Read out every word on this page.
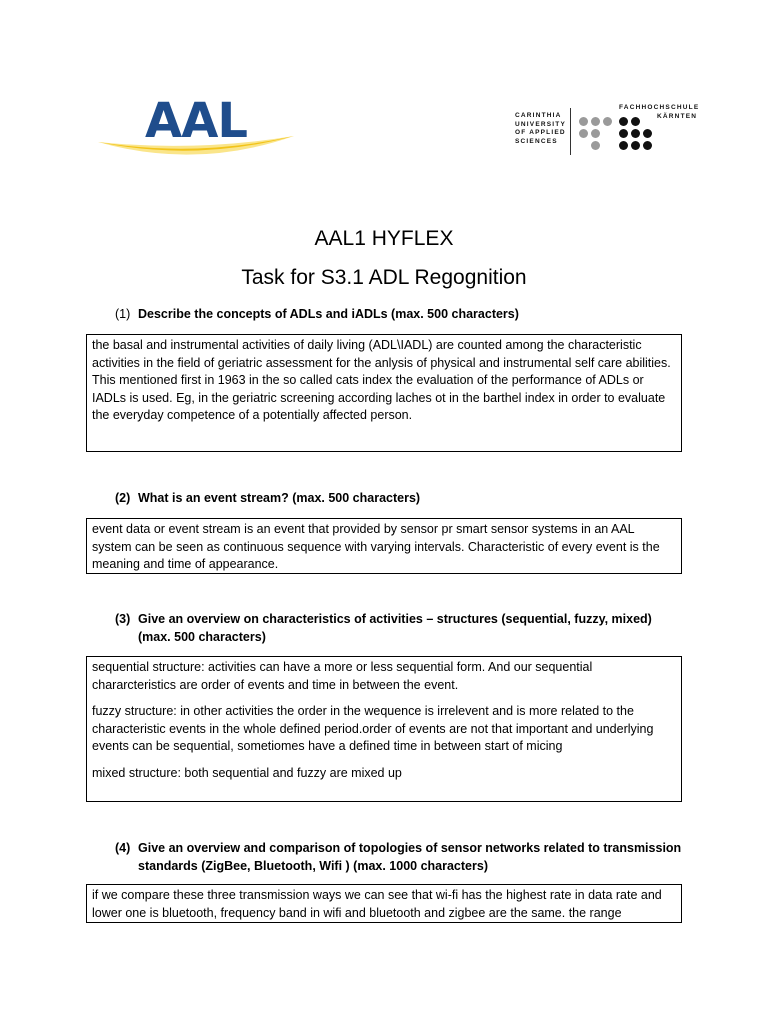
AAL	CARINTHIA
UNIVERSITY
OF APPLIED
SCIENCES
FACHHOCHSCHULE
KÄRNTEN
AAL1 HYFLEX
Task for S3.1 ADL Regognition
(1) Describe the concepts of ADLs and iADLs (max. 500 characters)

the basal and instrumental activities of daily living (ADL\IADL) are counted among the characteristic activities in the field of geriatric assessment for the anlysis of physical and instrumental self care abilities. This mentioned first in 1963 in the so called cats index the evaluation of the performance of ADLs or IADLs is used. Eg, in the geriatric screening according laches ot in the barthel index in order to evaluate the everyday competence of a potentially affected person.

(2) What is an event stream? (max. 500 characters)

event data or event stream is an event that provided by sensor pr smart sensor systems in an AAL system can be seen as continuous sequence with varying intervals. Characteristic of every event is the meaning and time of appearance.

(3) Give an overview on characteristics of activities – structures (sequential, fuzzy, mixed) (max. 500 characters)

sequential structure: activities can have a more or less sequential form. And our sequential chararcteristics are order of events and time in between the event.

fuzzy structure: in other activities the order in the wequence is irrelevent and is more related to the characteristic events in the whole defined period.order of events are not that important and underlying events can be sequential, sometiomes have a defined time in between start of micing

mixed structure: both sequential and fuzzy are mixed up

(4) Give an overview and comparison of topologies of sensor networks related to transmission standards (ZigBee, Bluetooth, Wifi ) (max. 1000 characters)

if we compare these three transmission ways we can see that wi-fi has the highest rate in data rate and lower one is bluetooth, frequency band in wifi and bluetooth and zigbee are the same. the range
